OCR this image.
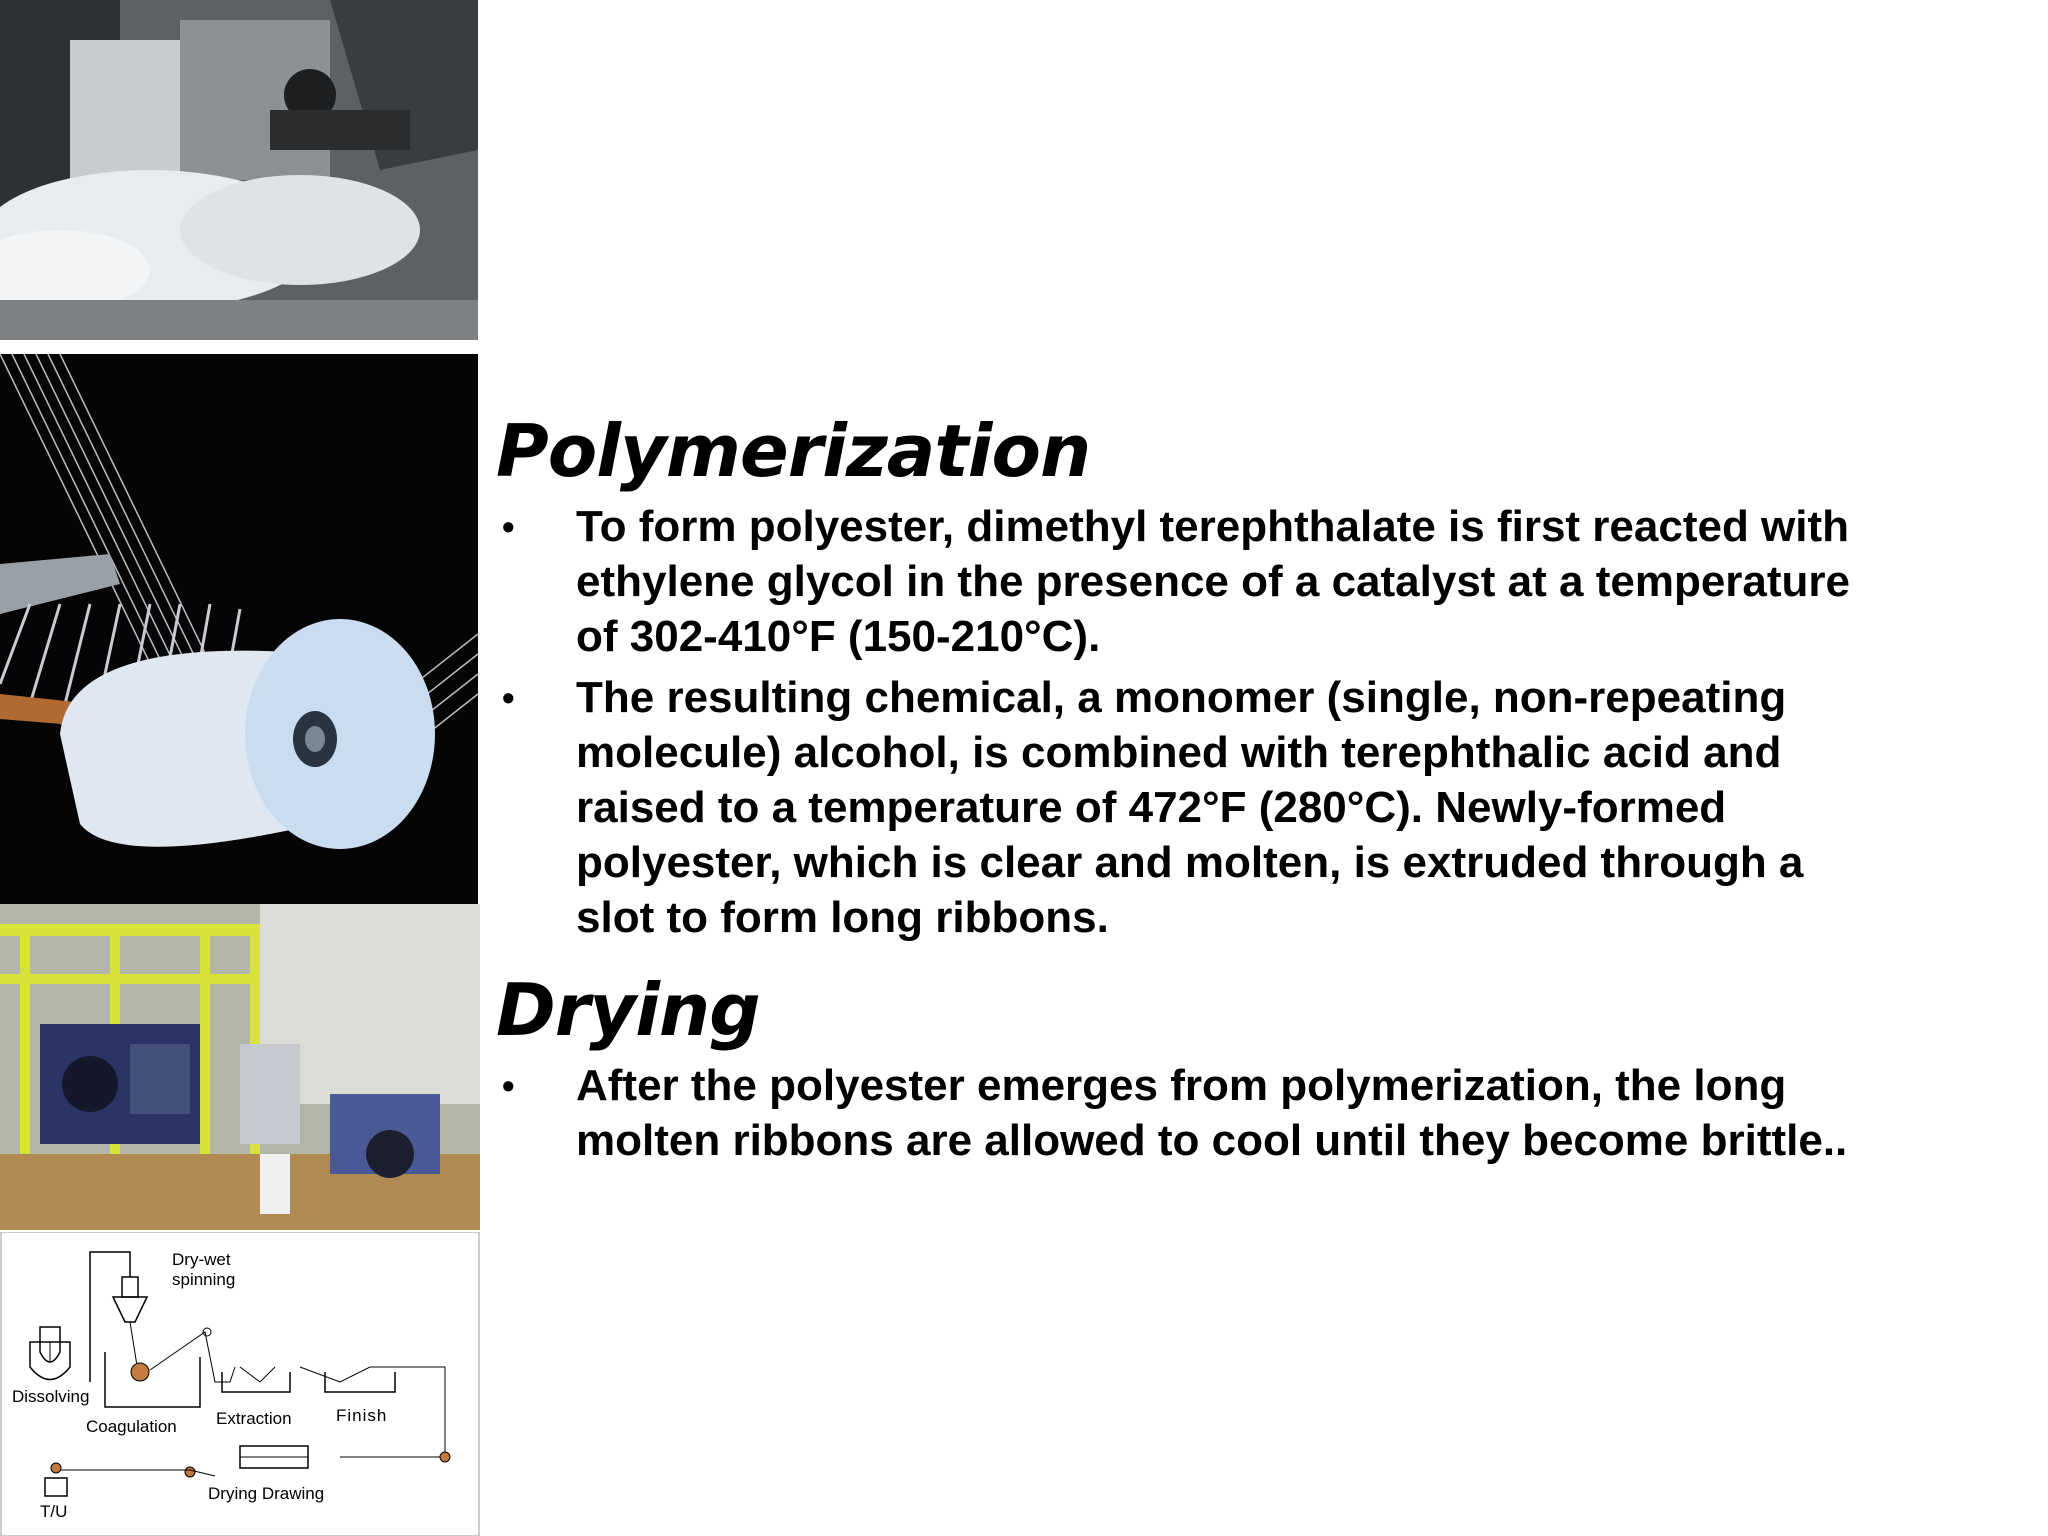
Dry-wet
spinning
Dissolving
Coagulation Extraction	Finish
Drying Drawing
T/U
Polymerization
• To form polyester, dimethyl terephthalate is first reacted with
ethylene glycol in the presence of a catalyst at a temperature
of 302-410°F (150-210°C).
• The resulting chemical, a monomer (single, non-repeating
molecule) alcohol, is combined with terephthalic acid and
raised to a temperature of 472°F (280°C). Newly-formed
polyester, which is clear and molten, is extruded through a
slot to form long ribbons.
Drying
• After the polyester emerges from polymerization, the long
molten ribbons are allowed to cool until they become brittle..
